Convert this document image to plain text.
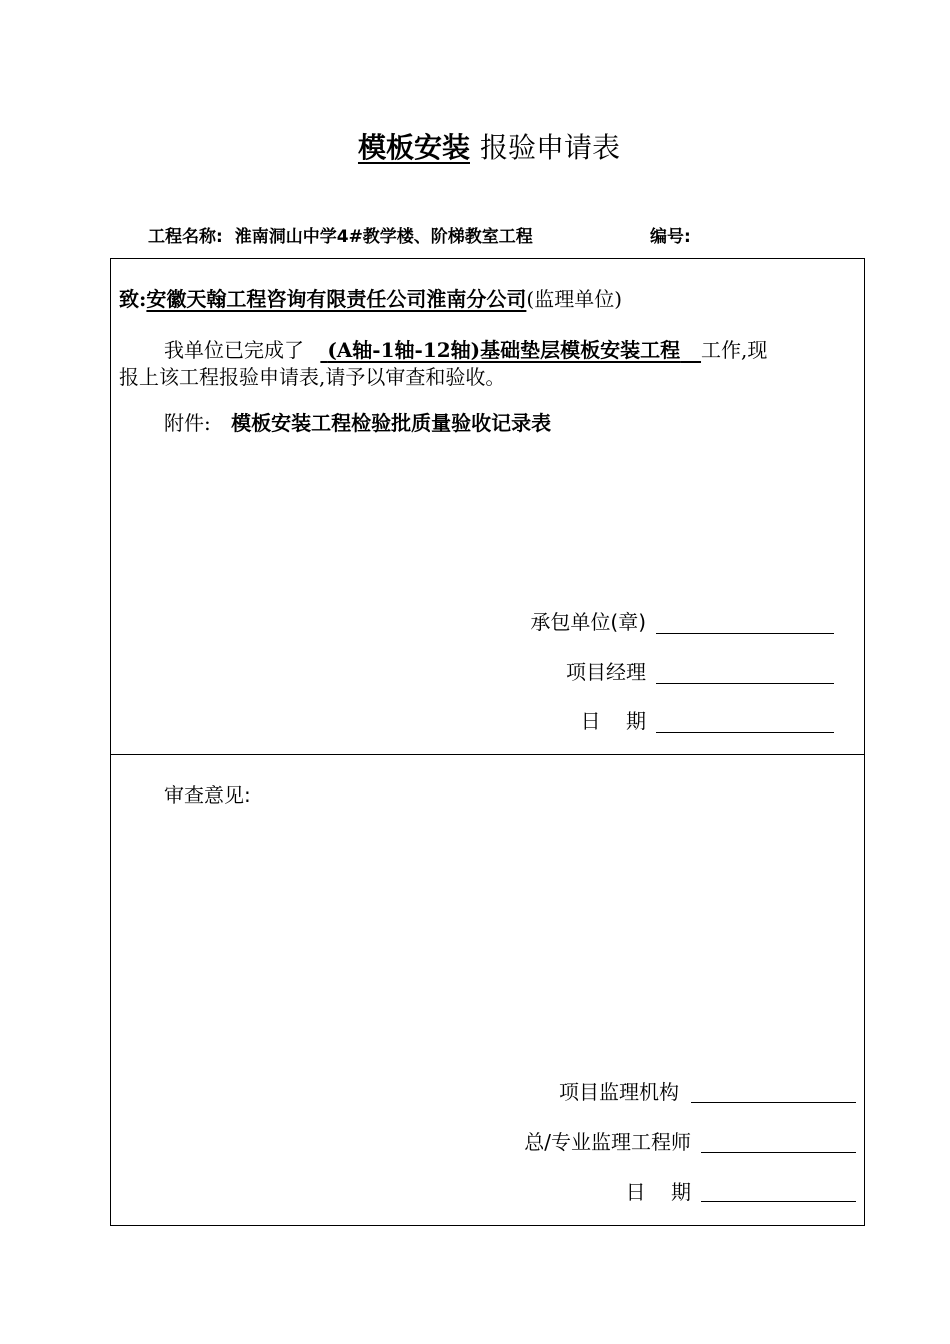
模板安装 报验申请表
工程名称: 淮南洞山中学4#教学楼、阶梯教室工程	编号:
致:安徽天翰工程咨询有限责任公司淮南分公司(监理单位)
我单位已完成了 (A轴-1轴-12轴)基础垫层模板安装工程 工作,现
报上该工程报验申请表,请予以审查和验收。
附件: 模板安装工程检验批质量验收记录表
承包单位(章)
项目经理
日    期
审查意见:
项目监理机构
总/专业监理工程师
日    期
